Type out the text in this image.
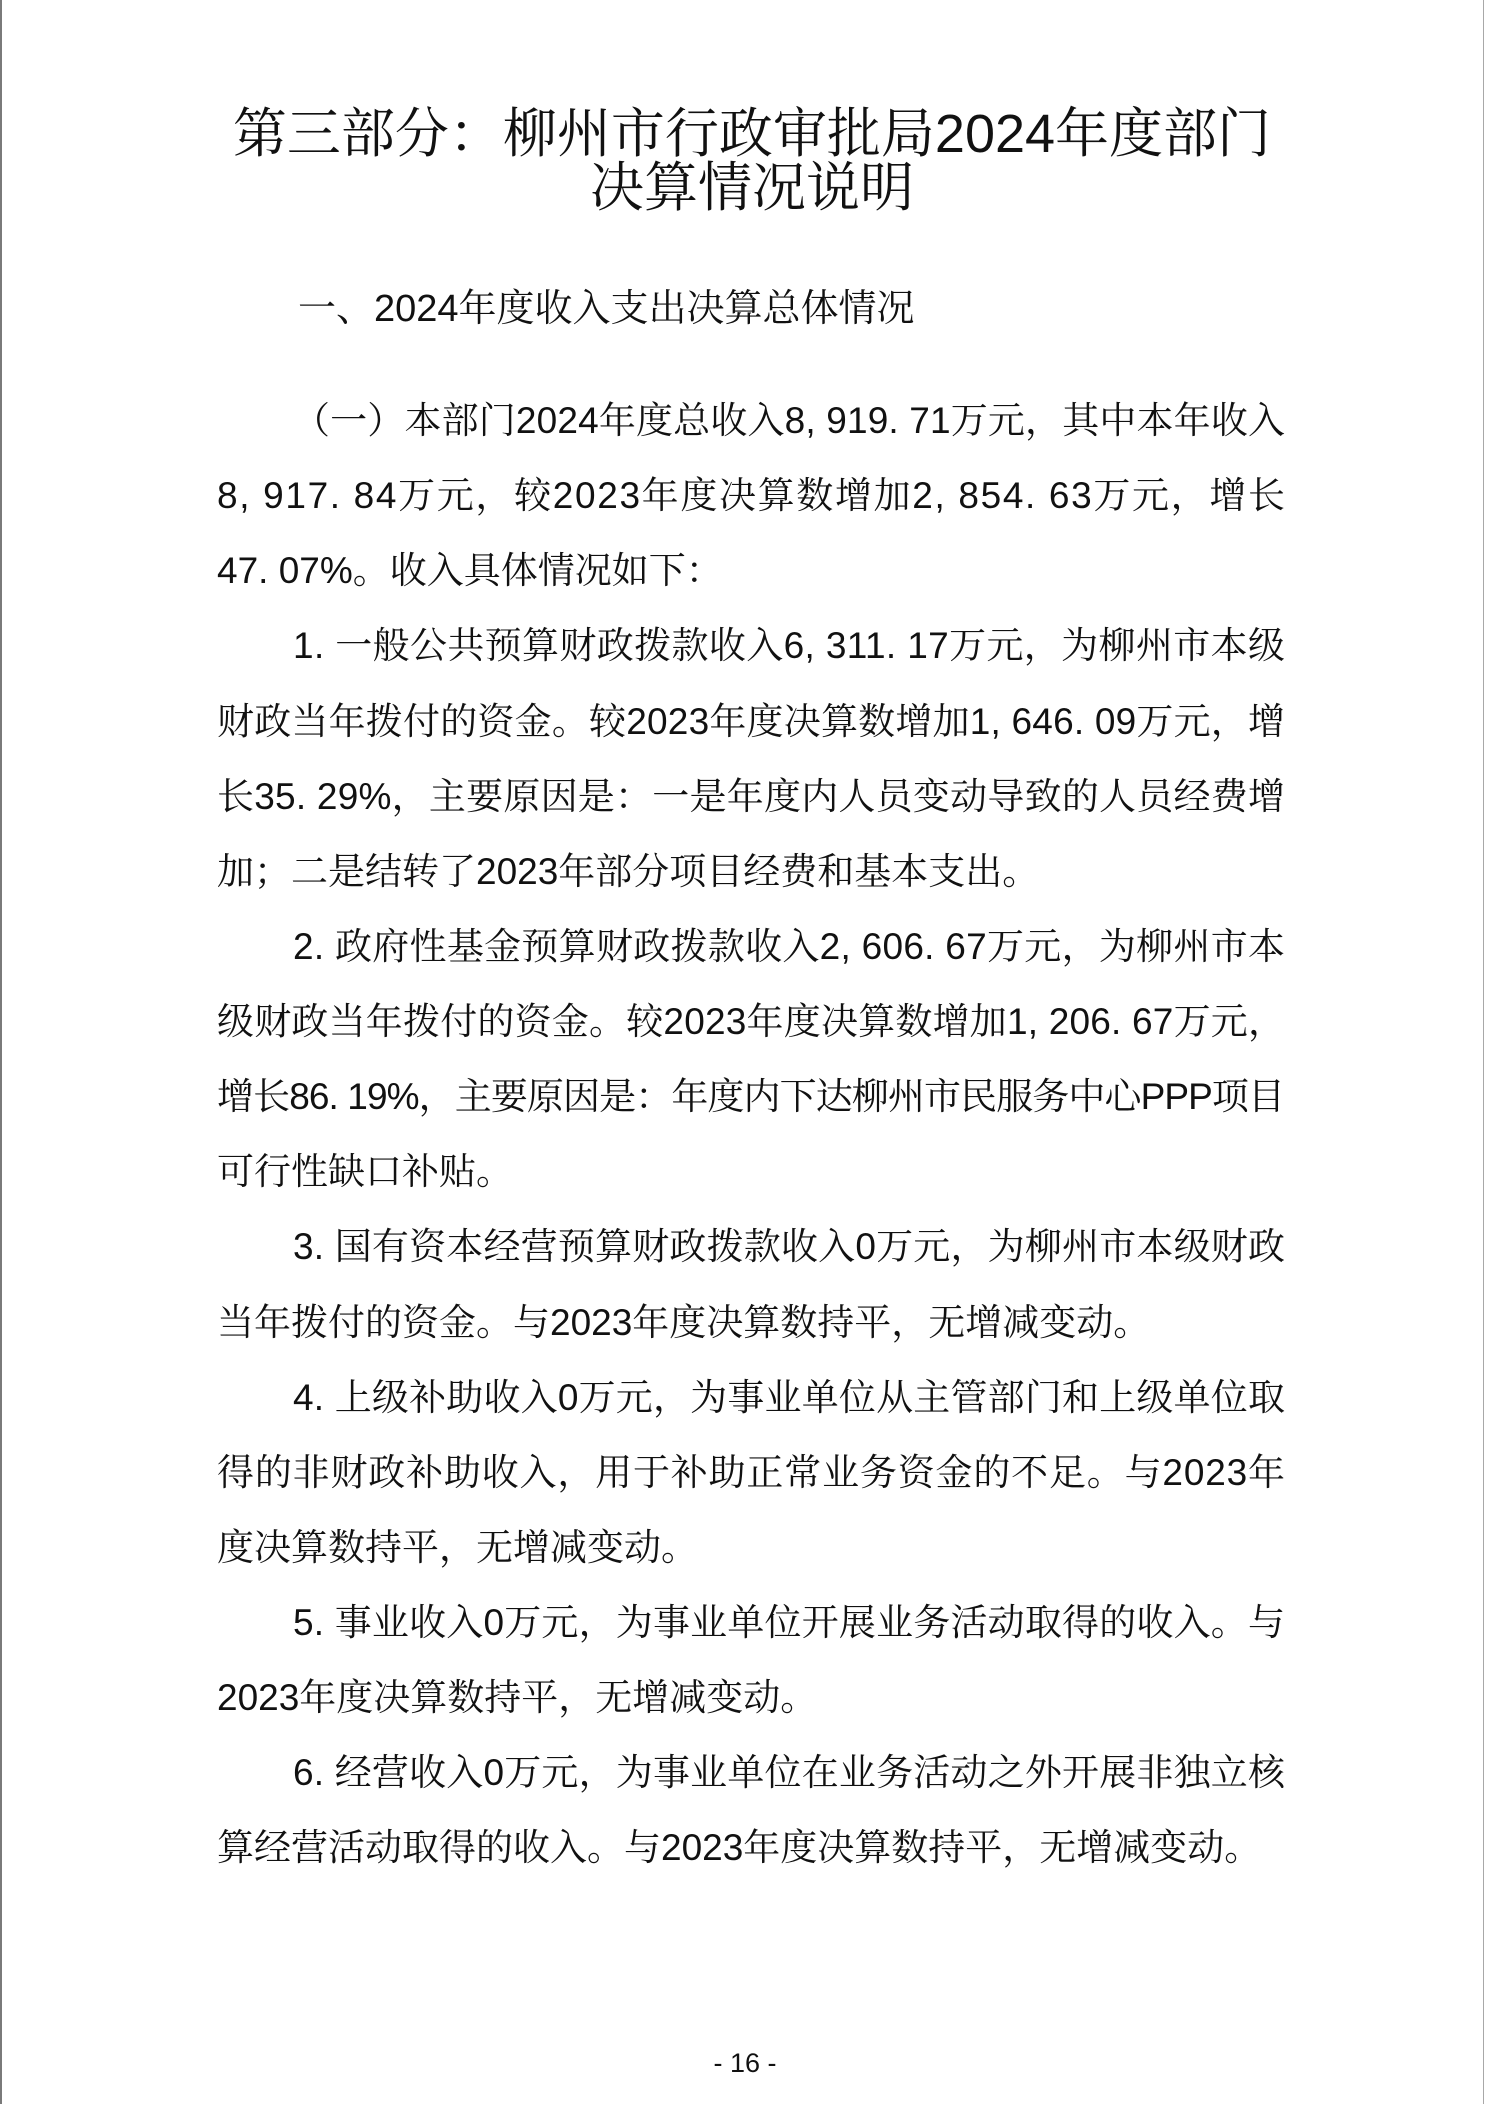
第三部分：柳州市行政审批局2024年度部门
决算情况说明
一、2024年度收入支出决算总体情况
（一）本部门2024年度总收入8, 919. 71万元，其中本年收入
8, 917. 84万元，较2023年度决算数增加2, 854. 63万元，增长
47. 07%。收入具体情况如下：
1. 一般公共预算财政拨款收入6, 311. 17万元，为柳州市本级
财政当年拨付的资金。较2023年度决算数增加1, 646. 09万元，增
长35. 29%，主要原因是：一是年度内人员变动导致的人员经费增
加；二是结转了2023年部分项目经费和基本支出。
2. 政府性基金预算财政拨款收入2, 606. 67万元，为柳州市本
级财政当年拨付的资金。较2023年度决算数增加1, 206. 67万元，
增长86. 19%，主要原因是：年度内下达柳州市民服务中心PPP项目
可行性缺口补贴。
3. 国有资本经营预算财政拨款收入0万元，为柳州市本级财政
当年拨付的资金。与2023年度决算数持平，无增减变动。
4. 上级补助收入0万元，为事业单位从主管部门和上级单位取
得的非财政补助收入，用于补助正常业务资金的不足。与2023年
度决算数持平，无增减变动。
5. 事业收入0万元，为事业单位开展业务活动取得的收入。与
2023年度决算数持平，无增减变动。
6. 经营收入0万元，为事业单位在业务活动之外开展非独立核
算经营活动取得的收入。与2023年度决算数持平，无增减变动。
- 16 -
